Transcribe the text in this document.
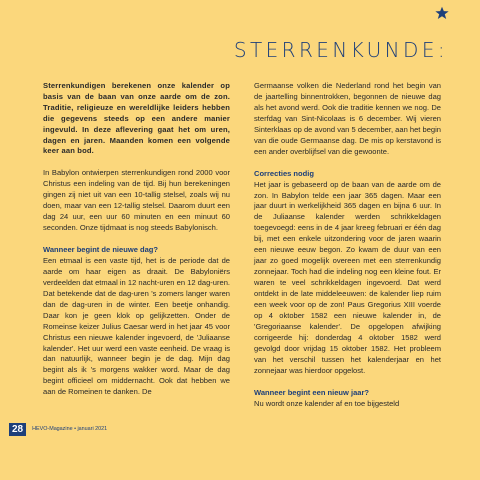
STERRENKUNDE:

Sterrenkundigen berekenen onze kalender op basis van de baan van onze aarde om de zon. Traditie, religieuze en wereldlijke leiders hebben die gegevens steeds op een andere manier ingevuld. In deze aflevering gaat het om uren, dagen en jaren. Maanden komen een volgende keer aan bod.

In Babylon ontwierpen sterrenkundigen rond 2000 voor Christus een indeling van de tijd. Bij hun berekeningen gingen zij niet uit van een 10-tallig stelsel, zoals wij nu doen, maar van een 12-tallig stelsel. Daarom duurt een dag 24 uur, een uur 60 minuten en een minuut 60 seconden. Onze tijdmaat is nog steeds Babylonisch.

Wanneer begint de nieuwe dag?

Een etmaal is een vaste tijd, het is de periode dat de aarde om haar eigen as draait. De Babyloniërs verdeelden dat etmaal in 12 nacht-uren en 12 dag-uren. Dat betekende dat de dag-uren 's zomers langer waren dan de dag-uren in de winter. Een beetje onhandig. Daar kon je geen klok op gelijkzetten. Onder de Romeinse keizer Julius Caesar werd in het jaar 45 voor Christus een nieuwe kalender ingevoerd, de 'Juliaanse kalender'. Het uur werd een vaste eenheid. De vraag is dan natuurlijk, wanneer begin je de dag. Mijn dag begint als ik 's morgens wakker word. Maar de dag begint officieel om middernacht. Ook dat hebben we aan de Romeinen te danken. De

Germaanse volken die Nederland rond het begin van de jaartelling binnentrokken, begonnen de nieuwe dag als het avond werd. Ook die traditie kennen we nog. De sterfdag van Sint-Nicolaas is 6 december. Wij vieren Sinterklaas op de avond van 5 december, aan het begin van die oude Germaanse dag. De mis op kerstavond is een ander overblijfsel van die gewoonte.

Correcties nodig

Het jaar is gebaseerd op de baan van de aarde om de zon. In Babylon telde een jaar 365 dagen. Maar een jaar duurt in werkelijkheid 365 dagen en bijna 6 uur. In de Juliaanse kalender werden schrikkeldagen toegevoegd: eens in de 4 jaar kreeg februari er één dag bij, met een enkele uitzondering voor de jaren waarin een nieuwe eeuw begon. Zo kwam de duur van een jaar zo goed mogelijk overeen met een sterrenkundig zonnejaar. Toch had die indeling nog een kleine fout. Er waren te veel schrikkeldagen ingevoerd. Dat werd ontdekt in de late middeleeuwen: de kalender liep ruim een week voor op de zon! Paus Gregorius XIII voerde op 4 oktober 1582 een nieuwe kalender in, de 'Gregoriaanse kalender'. De opgelopen afwijking corrigeerde hij: donderdag 4 oktober 1582 werd gevolgd door vrijdag 15 oktober 1582. Het probleem van het verschil tussen het kalenderjaar en het zonnejaar was hierdoor opgelost.

Wanneer begint een nieuw jaar?

Nu wordt onze kalender af en toe bijgesteld

28	HEVO-Magazine • januari 2021
